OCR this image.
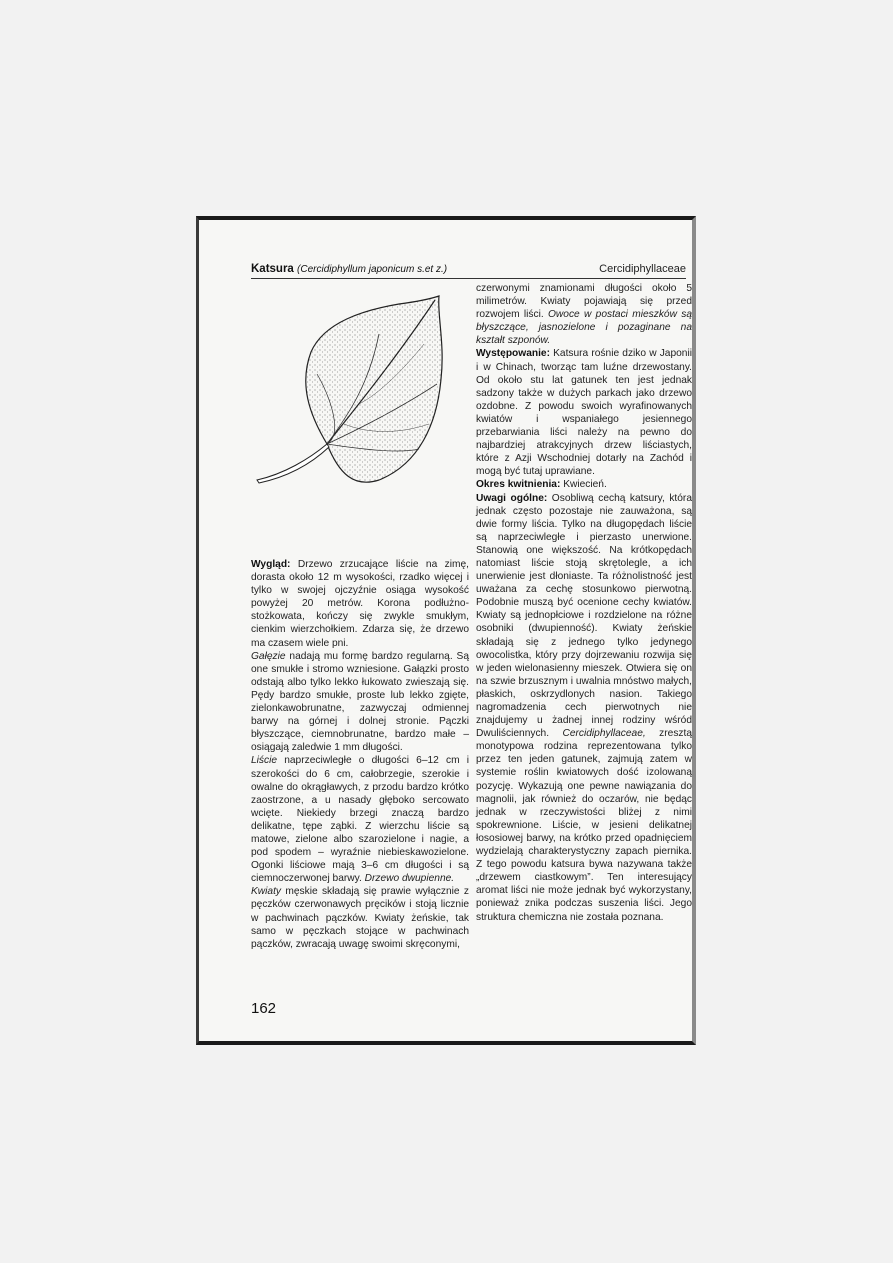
Katsura (Cercidiphyllum japonicum s.et z.)	Cercidiphyllaceae

Wygląd: Drzewo zrzucające liście na zimę, dorasta około 12 m wysokości, rzadko więcej i tylko w swojej ojczyźnie osiąga wysokość powyżej 20 metrów. Korona podłużno-stożkowata, kończy się zwykle smukłym, cienkim wierzchołkiem. Zdarza się, że drzewo ma czasem wiele pni.

Gałęzie nadają mu formę bardzo regularną. Są one smukłe i stromo wzniesione. Gałązki prosto odstają albo tylko lekko łukowato zwieszają się. Pędy bardzo smukłe, proste lub lekko zgięte, zielonkawobrunatne, zazwyczaj odmiennej barwy na górnej i dolnej stronie. Pączki błyszczące, ciemnobrunatne, bardzo małe – osiągają zaledwie 1 mm długości.

Liście naprzeciwległe o długości 6–12 cm i szerokości do 6 cm, całobrzegie, szerokie i owalne do okrągławych, z przodu bardzo krótko zaostrzone, a u nasady głęboko sercowato wcięte. Niekiedy brzegi znaczą bardzo delikatne, tępe ząbki. Z wierzchu liście są matowe, zielone albo szarozielone i nagie, a pod spodem – wyraźnie niebieskawozielone. Ogonki liściowe mają 3–6 cm długości i są ciemnoczerwonej barwy. Drzewo dwupienne.

Kwiaty męskie składają się prawie wyłącznie z pęczków czerwonawych pręcików i stoją licznie w pachwinach pączków. Kwiaty żeńskie, tak samo w pęczkach stojące w pachwinach pączków, zwracają uwagę swoimi skręconymi,

czerwonymi znamionami długości około 5 milimetrów. Kwiaty pojawiają się przed rozwojem liści. Owoce w postaci mieszków są błyszczące, jasnozielone i pozaginane na kształt szponów.

Występowanie: Katsura rośnie dziko w Japonii i w Chinach, tworząc tam luźne drzewostany. Od około stu lat gatunek ten jest jednak sadzony także w dużych parkach jako drzewo ozdobne. Z powodu swoich wyrafinowanych kwiatów i wspaniałego jesiennego przebarwiania liści należy na pewno do najbardziej atrakcyjnych drzew liściastych, które z Azji Wschodniej dotarły na Zachód i mogą być tutaj uprawiane.

Okres kwitnienia: Kwiecień.

Uwagi ogólne: Osobliwą cechą katsury, która jednak często pozostaje nie zauważona, są dwie formy liścia. Tylko na długopędach liście są naprzeciwległe i pierzasto unerwione. Stanowią one większość. Na krótkopędach natomiast liście stoją skrętolegle, a ich unerwienie jest dłoniaste. Ta różnolistność jest uważana za cechę stosunkowo pierwotną. Podobnie muszą być ocenione cechy kwiatów. Kwiaty są jednopłciowe i rozdzielone na różne osobniki (dwupienność). Kwiaty żeńskie składają się z jednego tylko jedynego owocolistka, który przy dojrzewaniu rozwija się w jeden wielonasienny mieszek. Otwiera się on na szwie brzusznym i uwalnia mnóstwo małych, płaskich, oskrzydlonych nasion. Takiego nagromadzenia cech pierwotnych nie znajdujemy u żadnej innej rodziny wśród Dwuliściennych. Cercidiphyllaceae, zresztą monotypowa rodzina reprezentowana tylko przez ten jeden gatunek, zajmują zatem w systemie roślin kwiatowych dość izolowaną pozycję. Wykazują one pewne nawiązania do magnolii, jak również do oczarów, nie będąc jednak w rzeczywistości bliżej z nimi spokrewnione. Liście, w jesieni delikatnej łososiowej barwy, na krótko przed opadnięciem wydzielają charakterystyczny zapach piernika. Z tego powodu katsura bywa nazywana także „drzewem ciastkowym”. Ten interesujący aromat liści nie może jednak być wykorzystany, ponieważ znika podczas suszenia liści. Jego struktura chemiczna nie została poznana.

162
